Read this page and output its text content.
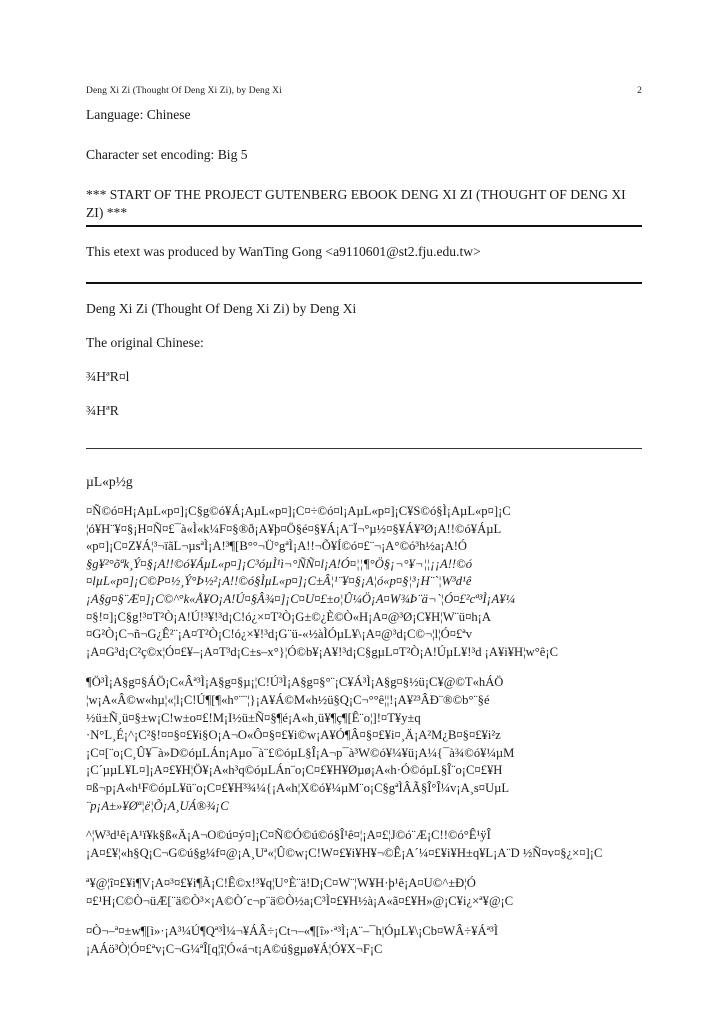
Deng Xi Zi (Thought Of Deng Xi Zi), by Deng Xi	2

Language: Chinese

Character set encoding: Big 5

*** START OF THE PROJECT GUTENBERG EBOOK DENG XI ZI (THOUGHT OF DENG XI ZI) ***

This etext was produced by WanTing Gong <a9110601@st2.fju.edu.tw>

Deng Xi Zi (Thought Of Deng Xi Zi) by Deng Xi

The original Chinese:

¾HªR¤l

¾HªR

µL«p½g

¤Ñ©ó¤H¡AµL«p¤]¡C§g©ó¥Á¡AµL«p¤]¡C¤÷©ó¤l¡AµL«p¤]¡C¥S©ó§Ì¡AµL«p¤]¡C
¦ó¥H¨¥¤§¡H¤Ñ¤£¯à«Ì«k¼F¤§®ð¡A¥þ¤Ö§é¤§¥Á¡A¨Ï¬°µ½¤§¥Á¥²Ø¡A!!©ó¥ÁµL
«p¤]¡C¤Z¥Á¦³¬ïãL¬µsªÌ¡A!³¶[B°°¬Ü°gªÌ¡A!!¬Õ¥Í©ó¤£¨¬¡A°©ó³h½a¡A!Ó
§g¥²°õªk¸Ý¤§¡A!!©ó¥ÁµL«p¤]¡C³óµÌ¹ì¬°ÑÑ¤l¡A!Ó¤¦¦¶°Ö§¡¬°¥¬¦¦¡¡A!!©ó
¤lµL«p¤]¡C©P¤½¸Ý°Þ½²¡A!!©ó§ÌµL«p¤]¡C±Â¦¹¨¥¤§¡A¦ó«p¤§¦³¡H¨`¦W³d¹ê
¡A§g¤§¨Æ¤]¡C©^°k«Å¥O¡A!Ú¤§Â¾¤]¡C¤U¤£±o¦Û¼Ö¡A¤W¾Þ¨ä¬`¦Ó¤£²cª³Ì¡A¥¼
¤§!¤]¡C§g!³¤T²Ò¡A!Ú!³¥!³d¡C!ó¿×¤T²Ò¡G±©¿È©Ò«H¡A¤@³Ø¡C¥H¦W¨ü¤h¡A
¤G²Ò¡C¬ñ¬G¿Ê²¨¡A¤T²Ò¡C!ó¿×¥!³d¡G¨ü-«½àÌÓµL¥\¡A¤@³d¡C©¬¦l¦Ó¤£ªv
¡A¤G³d¡C²ç©x¦Ó¤£¥–¡A¤T³d¡C±s–x°}¦Ó©b¥¡A¥!³d¡C§gµL¤T²Ò¡A!ÚµL¥!³d ¡A¥i¥H¦w°ê¡C
¶Ö³Ì¡A§g¤§ÁÖ¡C«Âª³Ì¡A§g¤§µ¡¦C!Ú³Ì¡A§g¤§°¨¡C¥Á³Ì¡A§g¤§½ü¡C¥@©T«hÁÖ
¦w¡A«Â©w«hµ¦«¦l¡C!Ú¶[¶«h°¨¨¦}¡A¥Á©M«h½ü§Q¡C¬°°ê¦¦!¡A¥²³ÂÐ¨®©b°¨§é
½ü±Ñ¸ü¤§±w¡C!w±o¤£!M¡I½ü±Ñ¤§¶é¡A«h¸ü¥¶ç¶[Ê¨o¦]!¤T¥y±q
·N°L¸É¡^¡C²§!¤¤§¤£¥i§O¡A¬O«Ô¤§¤£¥i©w¡A¥Ó¶Â¤§¤£¥i¤¸Ä¡A²M¿B¤§¤£¥i²z
¡C¤[¨o¡C¸Û¥¯à»D©óµLÁn¡Aµo¯à¨£©óµL§Î¡A¬p¯à³W©ó¥¼¥ü¡A¼{¯à¾©ó¥¼µM
¡C´µµL¥L¤]¡A¤£¥H¦Ö¥¡A«h³q©óµLÁn¨o¡C¤£¥H¥Øµø¡A«h·Ó©óµL§Î¨o¡C¤£¥H
¤ß¬p¡A«h¹F©óµL¥ü¨o¡C¤£¥H³¾¼{¡A«h¦X©ó¥¼µM¨o¡C§gªÌÂÃ§Î°Î¼v¡A¸s¤UµL
¨p¡A±»¥Øª¦ë¦Õ¡A¸UÁ®¾¡C
^¦W³d¹ê¡A¹ï¥k§ß«Ä¡A¬O©ú¤ý¤]¡C¤Ñ©Ó©ú©ó§Î¹ê¤¦¡A¤£¦J©ó¨Æ¡C!!©ó°Ê¹ÿÎ
¡A¤£¥¦«h§Q¡C¬G©ú§g¼f¤@¡A¸Uª«¦Û©w¡C!W¤£¥i¥H¥¬©Ê¡A´¼¤£¥i¥H±q¥L¡A¨D ½Ñ¤v¤§¿×¤]¡C
ª¥@¦î¤£¥i¶V¡A¤³¤£¥i¶Ã¡C!Ê©x!³¥q¦U°È¨ä!D¡C¤W¨¦W¥H·þ¹ê¡A¤U©^±Ð¦Ó
¤£¹H¡C©Ò¬üÆ[¨ä©Ò³×¡A©Ò´c¬p¨ä©Ò½a¡C³Ì¤£¥H½à¡A«ã¤£¥H»@¡C¥i¿×ª¥@¡C
¤Ò¬–ª¤±w¶[ì»·¡A³¼Ú¶Qª³Ì¼¬¥ÁÂ÷¡Ct¬–«¶[î»·ª³Ì¡A¨–¯h¦ÓµL¥\¡Cb¤WÂ÷¥Áª³Ì
¡AÁö³Ò¦Ó¤£ªv¡C¬G¼ªÎ[q¦î¦Ó«á¬t¡A©ú§gµø¥Á¦Ó¥X¬F¡C
